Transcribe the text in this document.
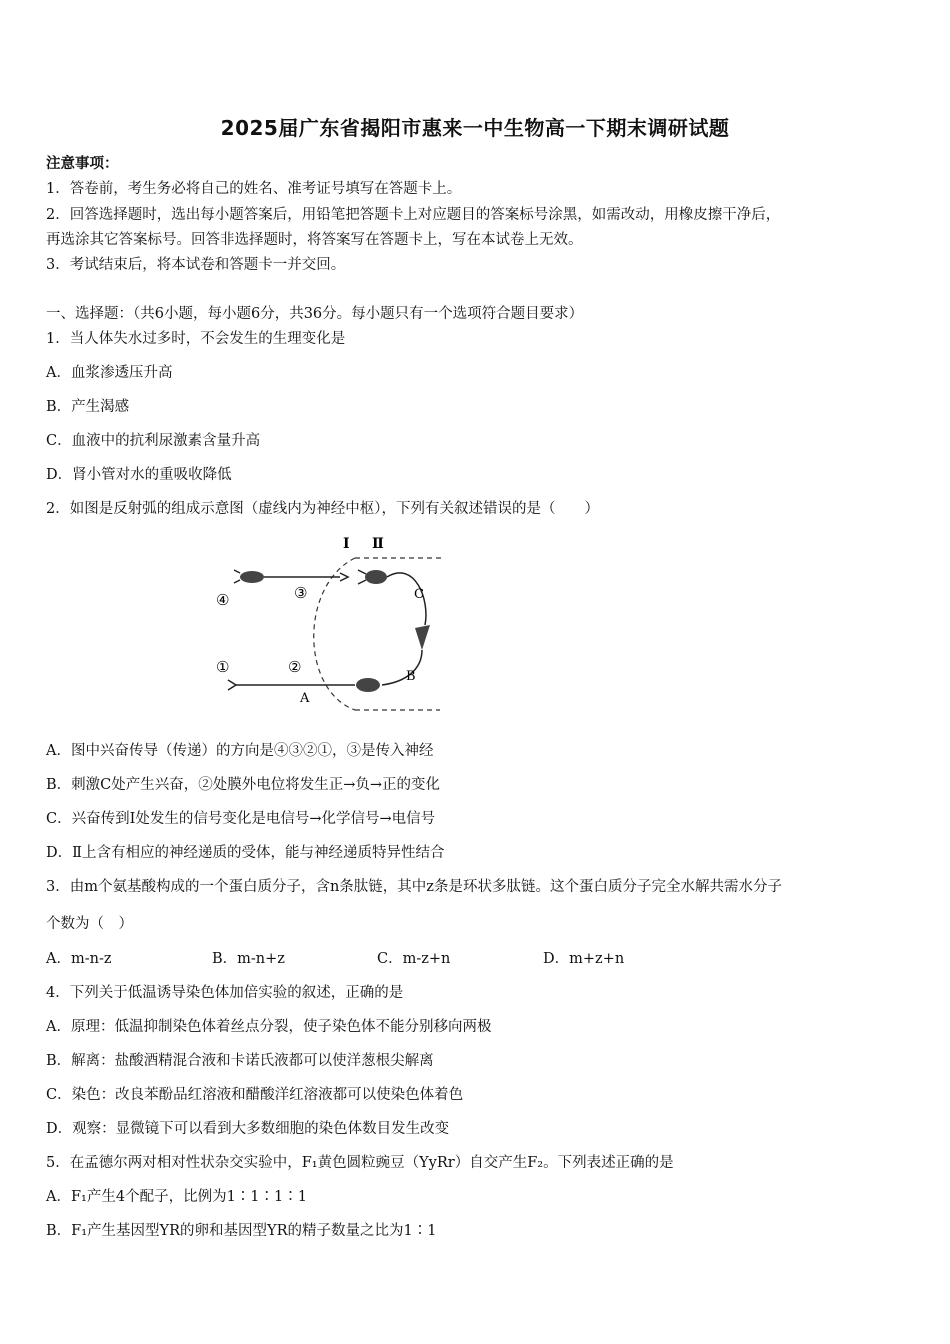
2025届广东省揭阳市惠来一中生物高一下期末调研试题
注意事项：
1．答卷前，考生务必将自己的姓名、准考证号填写在答题卡上。
2．回答选择题时，选出每小题答案后，用铅笔把答题卡上对应题目的答案标号涂黑，如需改动，用橡皮擦干净后，
再选涂其它答案标号。回答非选择题时，将答案写在答题卡上，写在本试卷上无效。
3．考试结束后，将本试卷和答题卡一并交回。
一、选择题：（共6小题，每小题6分，共36分。每小题只有一个选项符合题目要求）
1．当人体失水过多时，不会发生的生理变化是
A．血浆渗透压升高
B．产生渴感
C．血液中的抗利尿激素含量升高
D．肾小管对水的重吸收降低
2．如图是反射弧的组成示意图（虚线内为神经中枢），下列有关叙述错误的是（　　）
Ⅰ Ⅱ
C
B
A
①	②
③
④
A．图中兴奋传导（传递）的方向是④③②①，③是传入神经
B．刺激C处产生兴奋，②处膜外电位将发生正→负→正的变化
C．兴奋传到Ⅰ处发生的信号变化是电信号→化学信号→电信号
D．Ⅱ上含有相应的神经递质的受体，能与神经递质特异性结合
3．由m个氨基酸构成的一个蛋白质分子，含n条肽链，其中z条是环状多肽链。这个蛋白质分子完全水解共需水分子
个数为（　）
A．m-n-z	B．m-n+z	C．m-z+n	D．m+z+n
4．下列关于低温诱导染色体加倍实验的叙述，正确的是
A．原理：低温抑制染色体着丝点分裂，使子染色体不能分别移向两极
B．解离：盐酸酒精混合液和卡诺氏液都可以使洋葱根尖解离
C．染色：改良苯酚品红溶液和醋酸洋红溶液都可以使染色体着色
D．观察：显微镜下可以看到大多数细胞的染色体数目发生改变
5．在孟德尔两对相对性状杂交实验中，F₁黄色圆粒豌豆（YyRr）自交产生F₂。下列表述正确的是
A．F₁产生4个配子，比例为1∶1∶1∶1
B．F₁产生基因型YR的卵和基因型YR的精子数量之比为1∶1
